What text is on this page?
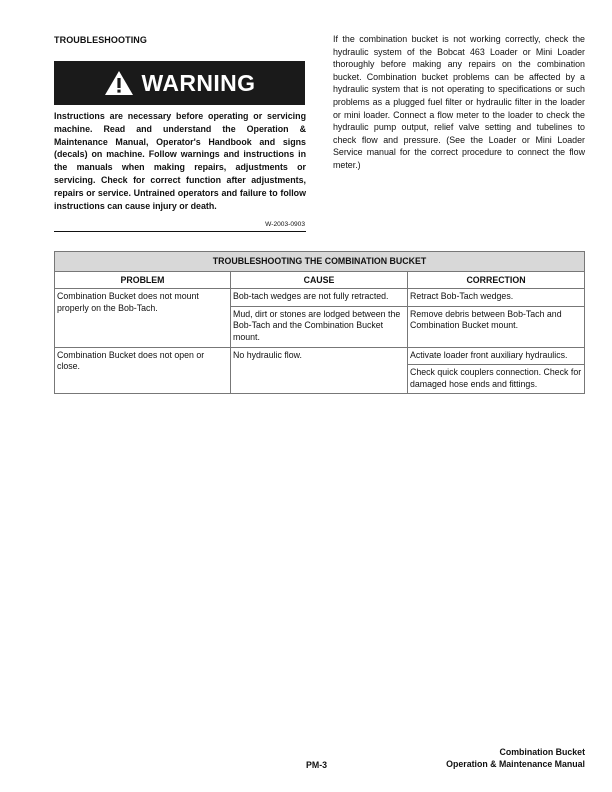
TROUBLESHOOTING
WARNING

Instructions are necessary before operating or servicing machine. Read and understand the Operation & Maintenance Manual, Operator's Handbook and signs (decals) on machine. Follow warnings and instructions in the manuals when making repairs, adjustments or servicing. Check for correct function after adjustments, repairs or service. Untrained operators and failure to follow instructions can cause injury or death.

W-2003-0903

If the combination bucket is not working correctly, check the hydraulic system of the Bobcat 463 Loader or Mini Loader thoroughly before making any repairs on the combination bucket. Combination bucket problems can be affected by a hydraulic system that is not operating to specifications or such problems as a plugged fuel filter or hydraulic filter in the loader or mini loader. Connect a flow meter to the loader to check the hydraulic pump output, relief valve setting and tubelines to check flow and pressure. (See the Loader or Mini Loader Service manual for the correct procedure to connect the flow meter.)

TROUBLESHOOTING THE COMBINATION BUCKET		
PROBLEM	CAUSE	CORRECTION
Combination Bucket does not mount properly on the Bob-Tach.	Bob-tach wedges are not fully retracted.	Retract Bob-Tach wedges.
	Mud, dirt or stones are lodged between the Bob-Tach and the Combination Bucket mount.	Remove debris between Bob-Tach and Combination Bucket mount.
Combination Bucket does not open or close.	No hydraulic flow.	Activate loader front auxiliary hydraulics.
		Check quick couplers connection. Check for damaged hose ends and fittings.
PM-3
Combination Bucket
Operation & Maintenance Manual
